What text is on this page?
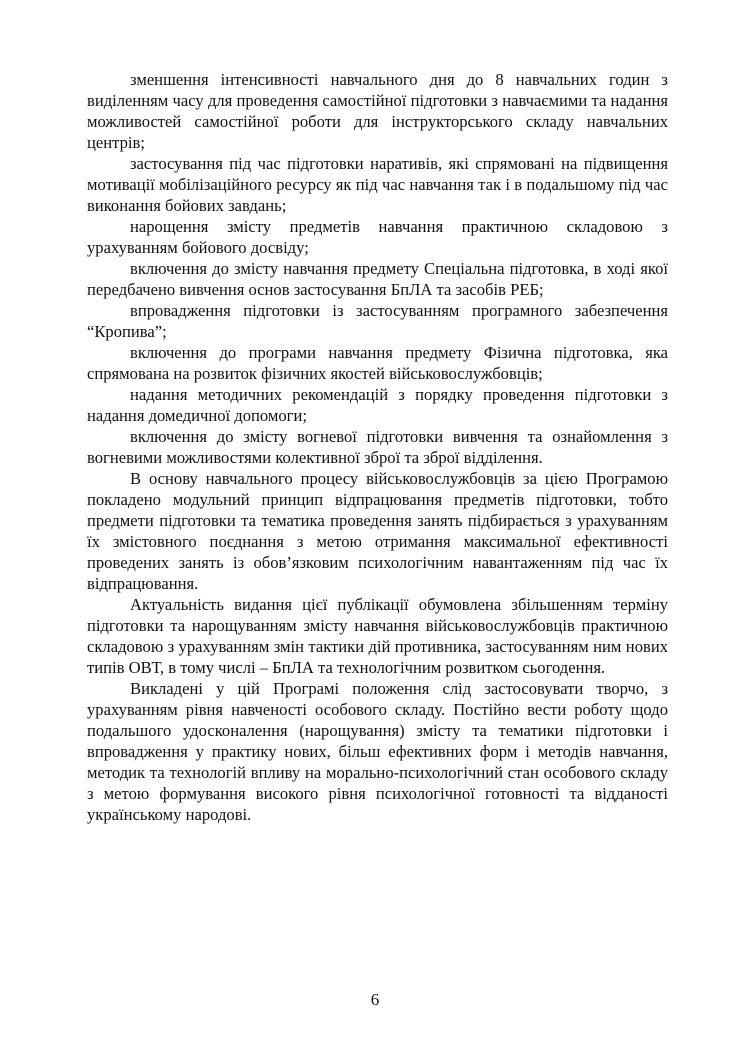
зменшення інтенсивності навчального дня до 8 навчальних годин з виділенням часу для проведення самостійної підготовки з навчаємими та надання можливостей самостійної роботи для інструкторського складу навчальних центрів;

застосування під час підготовки наративів, які спрямовані на підвищення мотивації мобілізаційного ресурсу як під час навчання так і в подальшому під час виконання бойових завдань;

нарощення змісту предметів навчання практичною складовою з урахуванням бойового досвіду;

включення до змісту навчання предмету Спеціальна підготовка, в ході якої передбачено вивчення основ застосування БпЛА та засобів РЕБ;

впровадження підготовки із застосуванням програмного забезпечення “Кропива”;

включення до програми навчання предмету Фізична підготовка, яка спрямована на розвиток фізичних якостей військовослужбовців;

надання методичних рекомендацій з порядку проведення підготовки з надання домедичної допомоги;

включення до змісту вогневої підготовки вивчення та ознайомлення з вогневими можливостями колективної зброї та зброї відділення.

В основу навчального процесу військовослужбовців за цією Програмою покладено модульний принцип відпрацювання предметів підготовки, тобто предмети підготовки та тематика проведення занять підбирається з урахуванням їх змістовного поєднання з метою отримання максимальної ефективності проведених занять із обов’язковим психологічним навантаженням під час їх відпрацювання.

Актуальність видання цієї публікації обумовлена збільшенням терміну підготовки та нарощуванням змісту навчання військовослужбовців практичною складовою з урахуванням змін тактики дій противника, застосуванням ним нових типів ОВТ, в тому числі – БпЛА та технологічним розвитком сьогодення.

Викладені у цій Програмі положення слід застосовувати творчо, з урахуванням рівня навченості особового складу. Постійно вести роботу щодо подальшого удосконалення (нарощування) змісту та тематики підготовки і впровадження у практику нових, більш ефективних форм і методів навчання, методик та технологій впливу на морально-психологічний стан особового складу з метою формування високого рівня психологічної готовності та відданості українському народові.

6
